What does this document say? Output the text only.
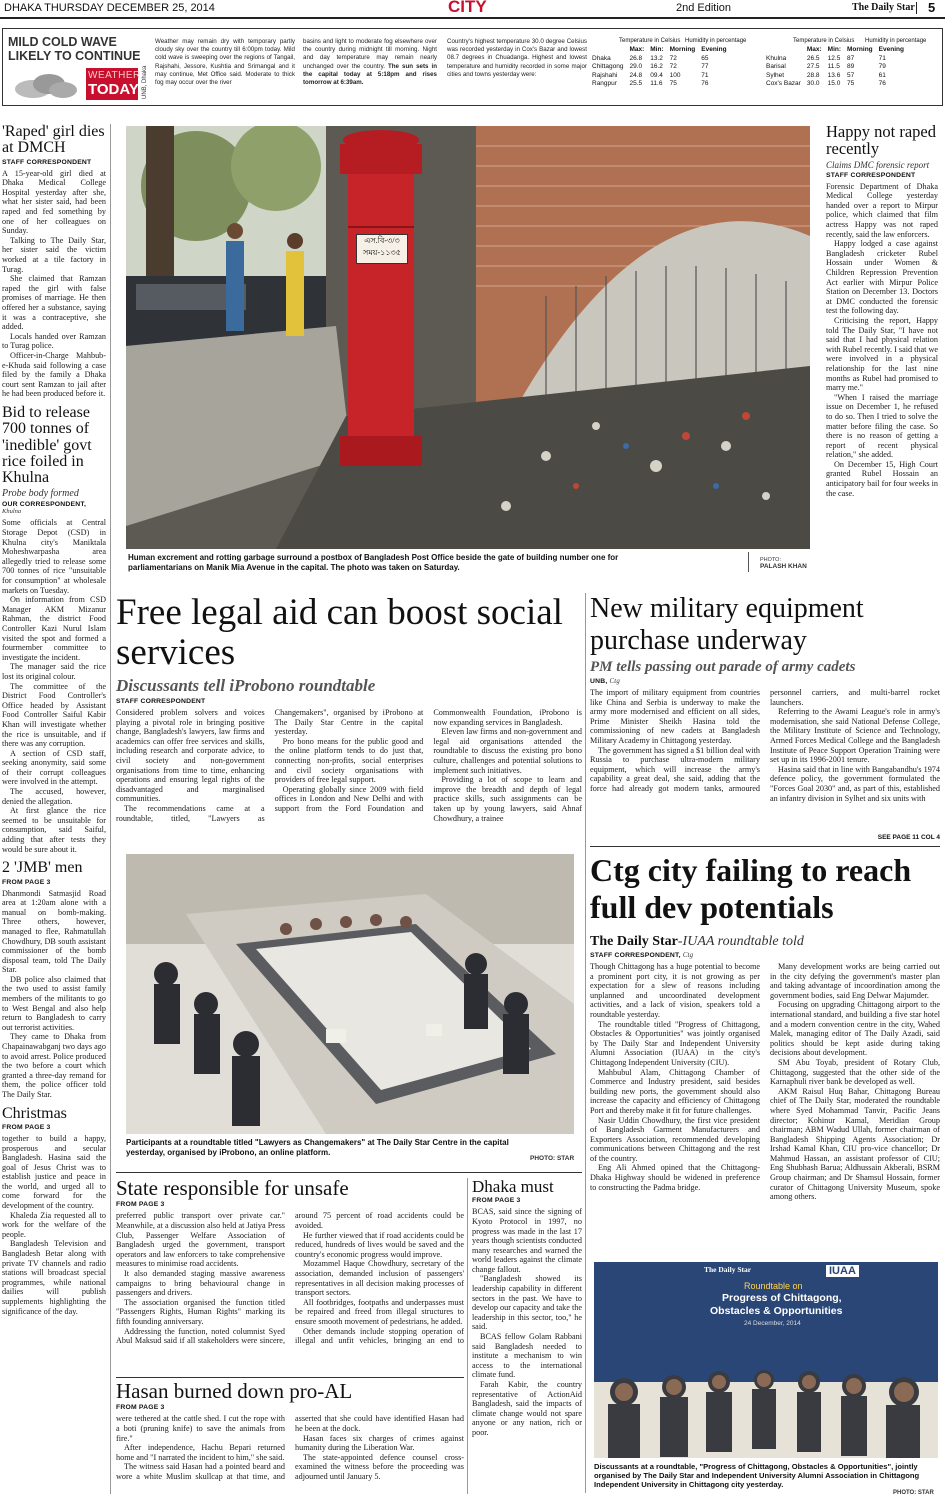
DHAKA THURSDAY DECEMBER 25, 2014	CITY	2nd Edition	The Daily Star 5
MILD COLD WAVE LIKELY TO CONTINUE
WEATHER
TODAY UNB, Dhaka
Weather may remain dry with temporary partly cloudy sky over the country till 6:00pm today. Mild cold wave is sweeping over the regions of Tangail, Rajshahi, Jessore, Kushtia and Srimangal and it may continue, Met Office said. Moderate to thick fog may occur over the river
basins and light to moderate fog elsewhere over the country during midnight till morning. Night and day temperature may remain nearly unchanged over the country. The sun sets in the capital today at 5:18pm and rises tomorrow at 6:39am.
Country's highest temperature 30.0 degree Celsius was recorded yesterday in Cox's Bazar and lowest 08.7 degrees in Chuadanga. Highest and lowest temperature and humidity recorded in some major cities and towns yesterday were:
Temperature in Celsius Humidity in percentage
	Max:	Min:	Morning	Evening
Dhaka	26.8	13.2	72	65
Chittagong	29.0	16.2	72	77
Rajshahi	24.8	09.4	100	71
Rangpur	25.5	11.6	75	76
Temperature in Celsius Humidity in percentage
	Max:	Min:	Morning	Evening
Khulna	26.5	12.5	87	71
Barisal	27.5	11.5	89	79
Sylhet	28.8	13.6	57	61
Cox's Bazar	30.0	15.0	75	76
'Raped' girl dies at DMCH
STAFF CORRESPONDENT

A 15-year-old girl died at Dhaka Medical College Hospital yesterday after she, what her sister said, had been raped and fed something by one of her colleagues on Sunday.

Talking to The Daily Star, her sister said the victim worked at a tile factory in Turag.

She claimed that Ramzan raped the girl with false promises of marriage. He then offered her a substance, saying it was a contraceptive, she added.

Locals handed over Ramzan to Turag police.

Officer-in-Charge Mahbub-e-Khuda said following a case filed by the family a Dhaka court sent Ramzan to jail after he had been produced before it.

Bid to release 700 tonnes of 'inedible' govt rice foiled in Khulna
Probe body formed
OUR CORRESPONDENT,
Khulna

Some officials at Central Storage Depot (CSD) in Khulna city's Maniktala Moheshwarpasha area allegedly tried to release some 700 tonnes of rice "unsuitable for consumption" at wholesale markets on Tuesday.

On information from CSD Manager AKM Mizanur Rahman, the district Food Controller Kazi Nurul Islam visited the spot and formed a fourmember committee to investigate the incident.

The manager said the rice lost its original colour.

The committee of the District Food Controller's Office headed by Assistant Food Controller Saiful Kabir Khan will investigate whether the rice is unsuitable, and if there was any corruption.

A section of CSD staff, seeking anonymity, said some of their corrupt colleagues were involved in the attempt.

The accused, however, denied the allegation.

At first glance the rice seemed to be unsuitable for consumption, said Saiful, adding that after tests they would be sure about it.

2 'JMB' men
FROM PAGE 3

Dhanmondi Satmasjid Road area at 1:20am alone with a manual on bomb-making. Three others, however, managed to flee, Rahmatullah Chowdhury, DB south assistant commissioner of the bomb disposal team, told The Daily Star.

DB police also claimed that the two used to assist family members of the militants to go to West Bengal and also help return to Bangladesh to carry out terrorist activities.

They came to Dhaka from Chapainawabganj two days ago to avoid arrest. Police produced the two before a court which granted a three-day remand for them, the police officer told The Daily Star.

Christmas
FROM PAGE 3

together to build a happy, prosperous and secular Bangladesh. Hasina said the goal of Jesus Christ was to establish justice and peace in the world, and urged all to come forward for the development of the country.

Khaleda Zia requested all to work for the welfare of the people.

Bangladesh Television and Bangladesh Betar along with private TV channels and radio stations will broadcast special programmes, while national dailies will publish supplements highlighting the significance of the day.

এস.বি-৩/৩
সময়-১১৩৫
Human excrement and rotting garbage surround a postbox of Bangladesh Post Office beside the gate of building number one for parliamentarians on Manik Mia Avenue in the capital. The photo was taken on Saturday.
PHOTO:
PALASH KHAN
Happy not raped recently
Claims DMC forensic report
STAFF CORRESPONDENT

Forensic Department of Dhaka Medical College yesterday handed over a report to Mirpur police, which claimed that film actress Happy was not raped recently, said the law enforcers.

Happy lodged a case against Bangladesh cricketer Rubel Hossain under Women & Children Repression Prevention Act earlier with Mirpur Police Station on December 13. Doctors at DMC conducted the forensic test the following day.

Criticising the report, Happy told The Daily Star, "I have not said that I had physical relation with Rubel recently. I said that we were involved in a physical relationship for the last nine months as Rubel had promised to marry me."

"When I raised the marriage issue on December 1, he refused to do so. Then I tried to solve the matter before filing the case. So there is no reason of getting a report of recent physical relation," she added.

On December 15, High Court granted Rubel Hossain an anticipatory bail for four weeks in the case.

Free legal aid can boost social services
Discussants tell iProbono roundtable
STAFF CORRESPONDENT

Considered problem solvers and voices playing a pivotal role in bringing positive change, Bangladesh's lawyers, law firms and academics can offer free services and skills, including research and corporate advice, to civil society and non-government organisations from time to time, enhancing operations and ensuring legal rights of the disadvantaged and marginalised communities.

The recommendations came at a roundtable, titled, "Lawyers as Changemakers", organised by iProbono at The Daily Star Centre in the capital yesterday.

Pro bono means for the public good and the online platform tends to do just that, connecting non-profits, social enterprises and civil society organisations with providers of free legal support.

Operating globally since 2009 with field offices in London and New Delhi and with support from the Ford Foundation and Commonwealth Foundation, iProbono is now expanding services in Bangladesh.

Eleven law firms and non-government and legal aid organisations attended the roundtable to discuss the existing pro bono culture, challenges and potential solutions to implement such initiatives.

Providing a lot of scope to learn and improve the breadth and depth of legal practice skills, such assignments can be taken up by young lawyers, said Ahnaf Chowdhury, a trainee

Participants at a roundtable titled "Lawyers as Changemakers" at The Daily Star Centre in the capital yesterday, organised by iProbono, an online platform.
PHOTO: STAR
New military equipment purchase underway
PM tells passing out parade of army cadets
UNB, Ctg

The import of military equipment from countries like China and Serbia is underway to make the army more modernised and efficient on all sides, Prime Minister Sheikh Hasina told the commissioning of new cadets at Bangladesh Military Academy in Chittagong yesterday.

The government has signed a $1 billion deal with Russia to purchase ultra-modern military equipment, which will increase the army's capability a great deal, she said, adding that the force had already got modern tanks, armoured personnel carriers, and multi-barrel rocket launchers.

Referring to the Awami League's role in army's modernisation, she said National Defense College, the Military Institute of Science and Technology, Armed Forces Medical College and the Bangladesh Institute of Peace Support Operation Training were set up in its 1996-2001 tenure.

Hasina said that in line with Bangabandhu's 1974 defence policy, the government formulated the "Forces Goal 2030" and, as part of this, established an infantry division in Sylhet and six units with

SEE PAGE 11 COL 4
Ctg city failing to reach full dev potentials
The Daily Star-IUAA roundtable told
STAFF CORRESPONDENT, Ctg

Though Chittagong has a huge potential to become a prominent port city, it is not growing as per expectation for a slew of reasons including unplanned and uncoordinated development activities, and a lack of vision, speakers told a roundtable yesterday.

The roundtable titled "Progress of Chittagong, Obstacles & Opportunities" was jointly organised by The Daily Star and Independent University Alumni Association (IUAA) in the city's Chittagong Independent University (CIU).

Mahbubul Alam, Chittagong Chamber of Commerce and Industry president, said besides building new ports, the government should also increase the capacity and efficiency of Chittagong Port and thereby make it fit for future challenges.

Nasir Uddin Chowdhury, the first vice president of Bangladesh Garment Manufacturers and Exporters Association, recommended developing communications between Chittagong and the rest of the country.

Eng Ali Ahmed opined that the Chittagong-Dhaka Highway should be widened in preference to constructing the Padma bridge.

Many development works are being carried out in the city defying the government's master plan and taking advantage of incoordination among the government bodies, said Eng Delwar Majumder.

Focusing on upgrading Chittagong airport to the international standard, and building a five star hotel and a modern convention centre in the city, Wahed Malek, managing editor of The Daily Azadi, said politics should be kept aside during taking decisions about development.

SM Abu Toyab, president of Rotary Club, Chittagong, suggested that the other side of the Karnaphuli river bank be developed as well.

AKM Raisul Huq Bahar, Chittagong Bureau chief of The Daily Star, moderated the roundtable where Syed Mohammad Tanvir, Pacific Jeans director; Kohinur Kamal, Meridian Group chairman; ABM Wadud Ullah, former chairman of Bangladesh Shipping Agents Association; Dr Irshad Kamal Khan, CIU pro-vice chancellor; Dr Mahmud Hassan, an assistant professor of CIU; Eng Shubhash Barua; Aldhussain Akberali, BSRM Group chairman; and Dr Shamsul Hossain, former curator of Chittagong University Museum, spoke among others.

The Daily Star	IUAA
Roundtable on
Progress of Chittagong,
Obstacles & Opportunities
24 December, 2014
Discussants at a roundtable, "Progress of Chittagong, Obstacles & Opportunities", jointly organised by The Daily Star and Independent University Alumni Association in Chittagong Independent University in Chittagong city yesterday.
PHOTO: STAR
State responsible for unsafe
FROM PAGE 3

preferred public transport over private car." Meanwhile, at a discussion also held at Jatiya Press Club, Passenger Welfare Association of Bangladesh urged the government, transport operators and law enforcers to take comprehensive measures to minimise road accidents.

It also demanded staging massive awareness campaigns to bring behavioural change in passengers and drivers.

The association organised the function titled "Passengers Rights, Human Rights" marking its fifth founding anniversary.

Addressing the function, noted columnist Syed Abul Maksud said if all stakeholders were sincere, around 75 percent of road accidents could be avoided.

He further viewed that if road accidents could be reduced, hundreds of lives would be saved and the country's economic progress would improve.

Mozammel Haque Chowdhury, secretary of the association, demanded inclusion of passengers' representatives in all decision making processes of transport sectors.

All footbridges, footpaths and underpasses must be repaired and freed from illegal structures to ensure smooth movement of pedestrians, he added.

Other demands include stopping operation of illegal and unfit vehicles, bringing an end to

Hasan burned down pro-AL
FROM PAGE 3

were tethered at the cattle shed. I cut the rope with a boti (pruning knife) to save the animals from fire."

After independence, Hachu Bepari returned home and "I narrated the incident to him," she said.

The witness said Hasan had a pointed beard and wore a white Muslim skullcap at that time, and asserted that she could have identified Hasan had he been at the dock.

Hasan faces six charges of crimes against humanity during the Liberation War.

The state-appointed defence counsel cross-examined the witness before the proceeding was adjourned until January 5.

Dhaka must
FROM PAGE 3

BCAS, said since the signing of Kyoto Protocol in 1997, no progress was made in the last 17 years though scientists conducted many researches and warned the world leaders against the climate change fallout.

"Bangladesh showed its leadership capability in different sectors in the past. We have to develop our capacity and take the leadership in this sector, too," he said.

BCAS fellow Golam Rabbani said Bangladesh needed to institute a mechanism to win access to the international climate fund.

Farah Kabir, the country representative of ActionAid Bangladesh, said the impacts of climate change would not spare anyone or any nation, rich or poor.
